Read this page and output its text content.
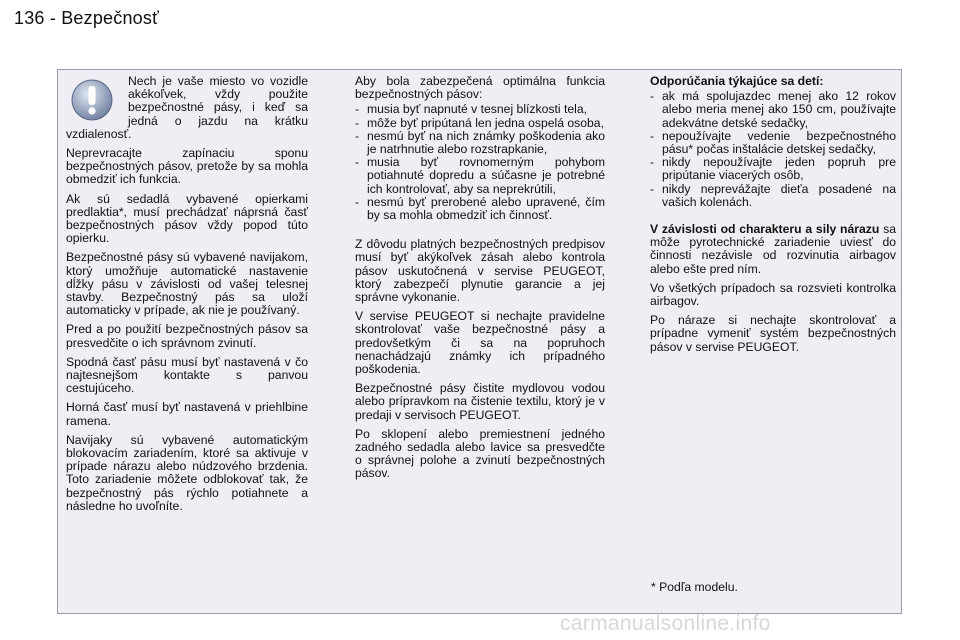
136 - Bezpečnosť

Nech je vaše miesto vo vozidle akékoľvek, vždy použite bezpečnostné pásy, i keď sa jedná o jazdu na krátku vzdialenosť.

Neprevracajte zapínaciu sponu bezpečnostných pásov, pretože by sa mohla obmedziť ich funkcia.

Ak sú sedadlá vybavené opierkami predlaktia*, musí prechádzať náprsná časť bezpečnostných pásov vždy popod túto opierku.

Bezpečnostné pásy sú vybavené navijakom, ktorý umožňuje automatické nastavenie dĺžky pásu v závislosti od vašej telesnej stavby. Bezpečnostný pás sa uloží automaticky v prípade, ak nie je používaný.

Pred a po použití bezpečnostných pásov sa presvedčite o ich správnom zvinutí.

Spodná časť pásu musí byť nastavená v čo najtesnejšom kontakte s panvou cestujúceho.

Horná časť musí byť nastavená v priehlbine ramena.

Navijaky sú vybavené automatickým blokovacím zariadením, ktoré sa aktivuje v prípade nárazu alebo núdzového brzdenia. Toto zariadenie môžete odblokovať tak, že bezpečnostný pás rýchlo potiahnete a následne ho uvoľníte.

Aby bola zabezpečená optimálna funkcia bezpečnostných pásov:

- musia byť napnuté v tesnej blízkosti tela,
- môže byť pripútaná len jedna ospelá osoba,
- nesmú byť na nich známky poškodenia ako je natrhnutie alebo rozstrapkanie,
- musia byť rovnomerným pohybom potiahnuté dopredu a súčasne je potrebné ich kontrolovať, aby sa neprekrútili,
- nesmú byť prerobené alebo upravené, čím by sa mohla obmedziť ich činnosť.

Z dôvodu platných bezpečnostných predpisov musí byť akýkoľvek zásah alebo kontrola pásov uskutočnená v servise PEUGEOT, ktorý zabezpečí plynutie garancie a jej správne vykonanie.

V servise PEUGEOT si nechajte pravidelne skontrolovať vaše bezpečnostné pásy a predovšetkým či sa na popruhoch nenachádzajú známky ich prípadného poškodenia.

Bezpečnostné pásy čistite mydlovou vodou alebo prípravkom na čistenie textilu, ktorý je v predaji v servisoch PEUGEOT.

Po sklopení alebo premiestnení jedného zadného sedadla alebo lavice sa presvedčte o správnej polohe a zvinutí bezpečnostných pásov.

Odporúčania týkajúce sa detí:

- ak má spolujazdec menej ako 12 rokov alebo meria menej ako 150 cm, používajte adekvátne detské sedačky,
- nepoužívajte vedenie bezpečnostného pásu* počas inštalácie detskej sedačky,
- nikdy nepoužívajte jeden popruh pre pripútanie viacerých osôb,
- nikdy neprevážajte dieťa posadené na vašich kolenách.

V závislosti od charakteru a sily nárazu sa môže pyrotechnické zariadenie uviesť do činnosti nezávisle od rozvinutia airbagov alebo ešte pred ním.

Vo všetkých prípadoch sa rozsvieti kontrolka airbagov.

Po náraze si nechajte skontrolovať a prípadne vymeniť systém bezpečnostných pásov v servise PEUGEOT.

* Podľa modelu.
carmanualsonline.info
